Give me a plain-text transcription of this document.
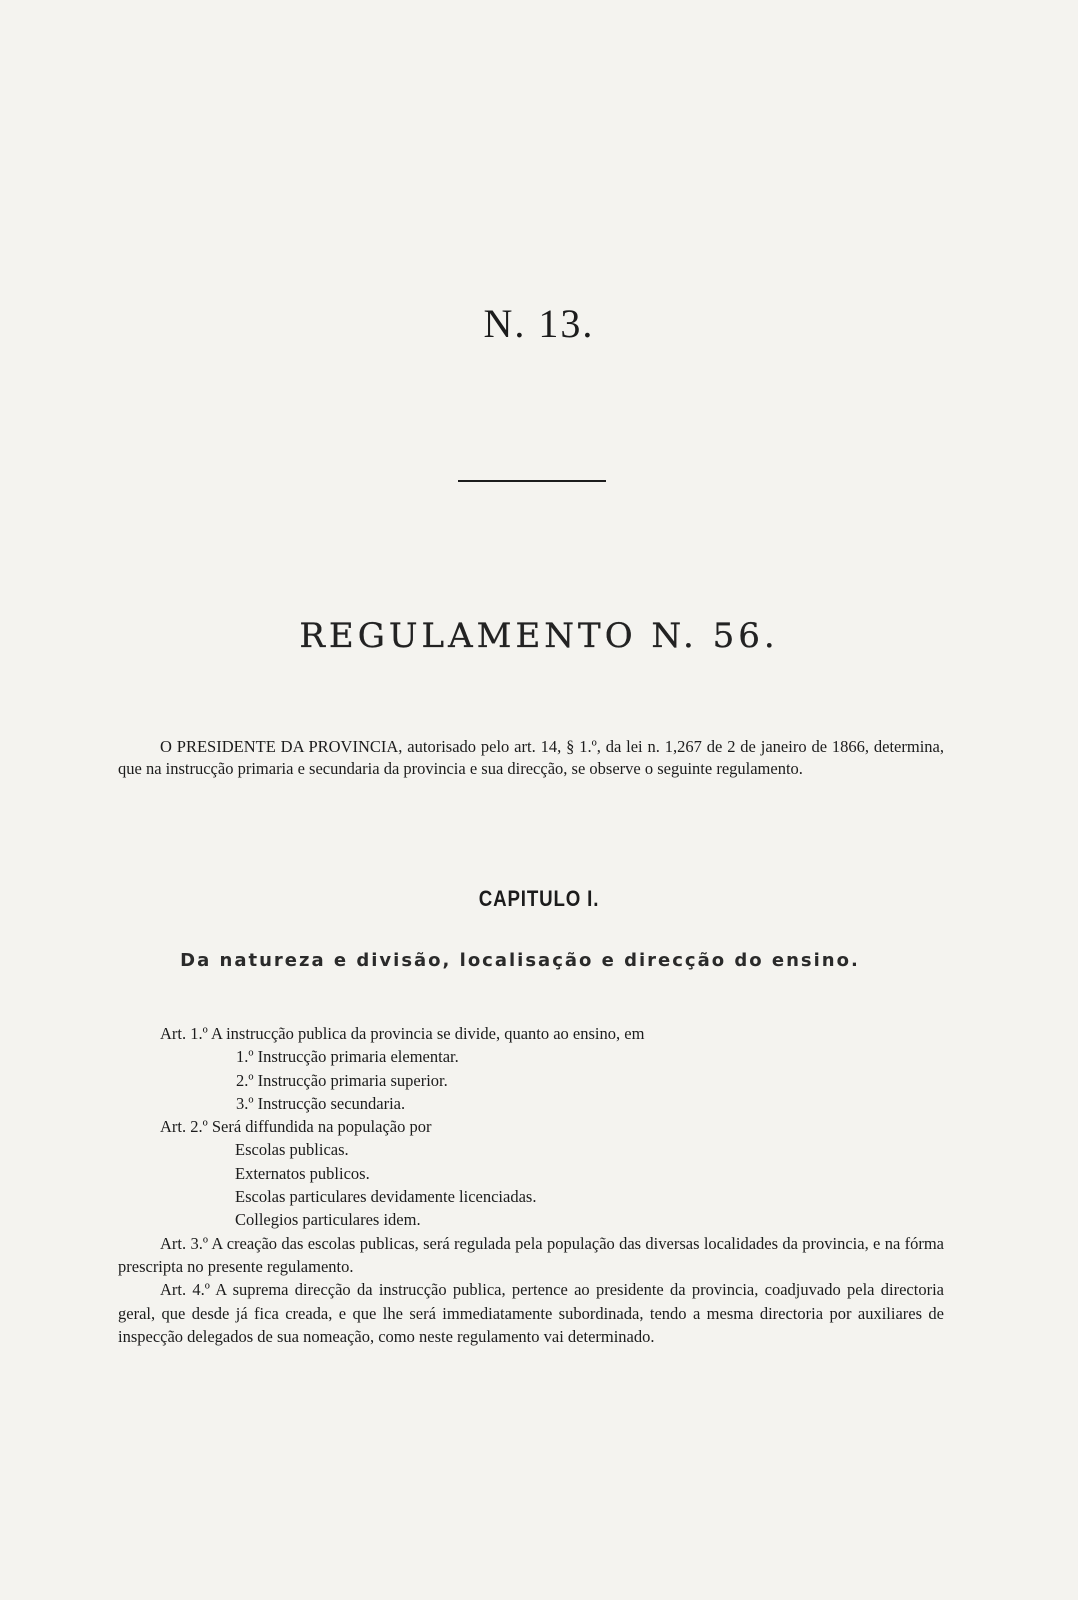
N. 13.
REGULAMENTO N. 56.
O PRESIDENTE DA PROVINCIA, autorisado pelo art. 14, § 1.º, da lei n. 1,267 de 2 de janeiro de 1866, determina, que na instrucção primaria e secundaria da provincia e sua direcção, se observe o seguinte regulamento.
CAPITULO I.
Da natureza e divisão, localisação e direcção do ensino.
Art. 1.º A instrucção publica da provincia se divide, quanto ao ensino, em
1.º Instrucção primaria elementar.
2.º Instrucção primaria superior.
3.º Instrucção secundaria.
Art. 2.º Será diffundida na população por
Escolas publicas.
Externatos publicos.
Escolas particulares devidamente licenciadas.
Collegios particulares idem.
Art. 3.º A creação das escolas publicas, será regulada pela população das diversas localidades da provincia, e na fórma prescripta no presente regulamento.
Art. 4.º A suprema direcção da instrucção publica, pertence ao presidente da provincia, coadjuvado pela directoria geral, que desde já fica creada, e que lhe será immediatamente subordinada, tendo a mesma directoria por auxiliares de inspecção delegados de sua nomeação, como neste regulamento vai determinado.
